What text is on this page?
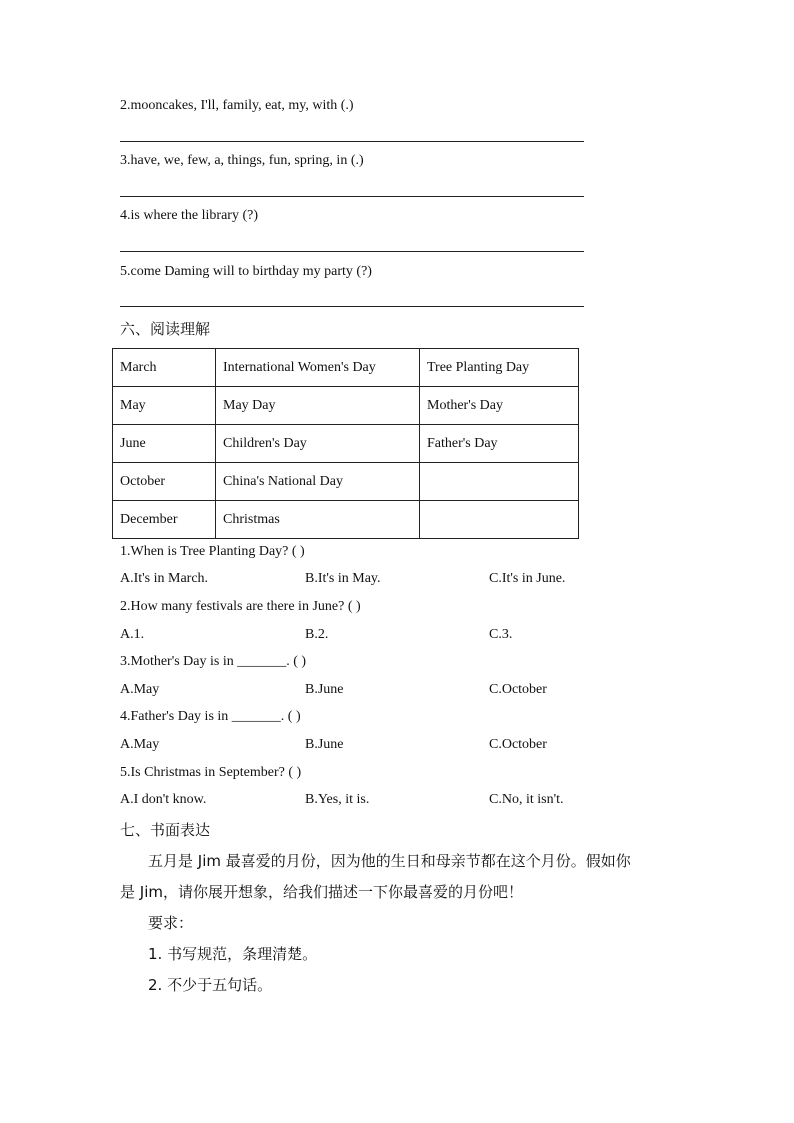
2.mooncakes, I'll, family, eat, my, with (.)
3.have, we, few, a, things, fun, spring, in (.)
4.is where the library (?)
5.come Daming will to birthday my party (?)
六、阅读理解
March	International Women's Day	Tree Planting Day
May	May Day	Mother's Day
June	Children's Day	Father's Day
October	China's National Day	
December	Christmas	
1.When is Tree Planting Day? ( )
A.It's in March.	B.It's in May.	C.It's in June.
2.How many festivals are there in June? ( )
A.1.	B.2.	C.3.
3.Mother's Day is in _______. ( )
A.May	B.June	C.October
4.Father's Day is in _______. ( )
A.May	B.June	C.October
5.Is Christmas in September? ( )
A.I don't know.	B.Yes, it is.	C.No, it isn't.
七、书面表达
五月是 Jim 最喜爱的月份，因为他的生日和母亲节都在这个月份。假如你
是 Jim，请你展开想象，给我们描述一下你最喜爱的月份吧！
要求：
1. 书写规范，条理清楚。
2. 不少于五句话。
